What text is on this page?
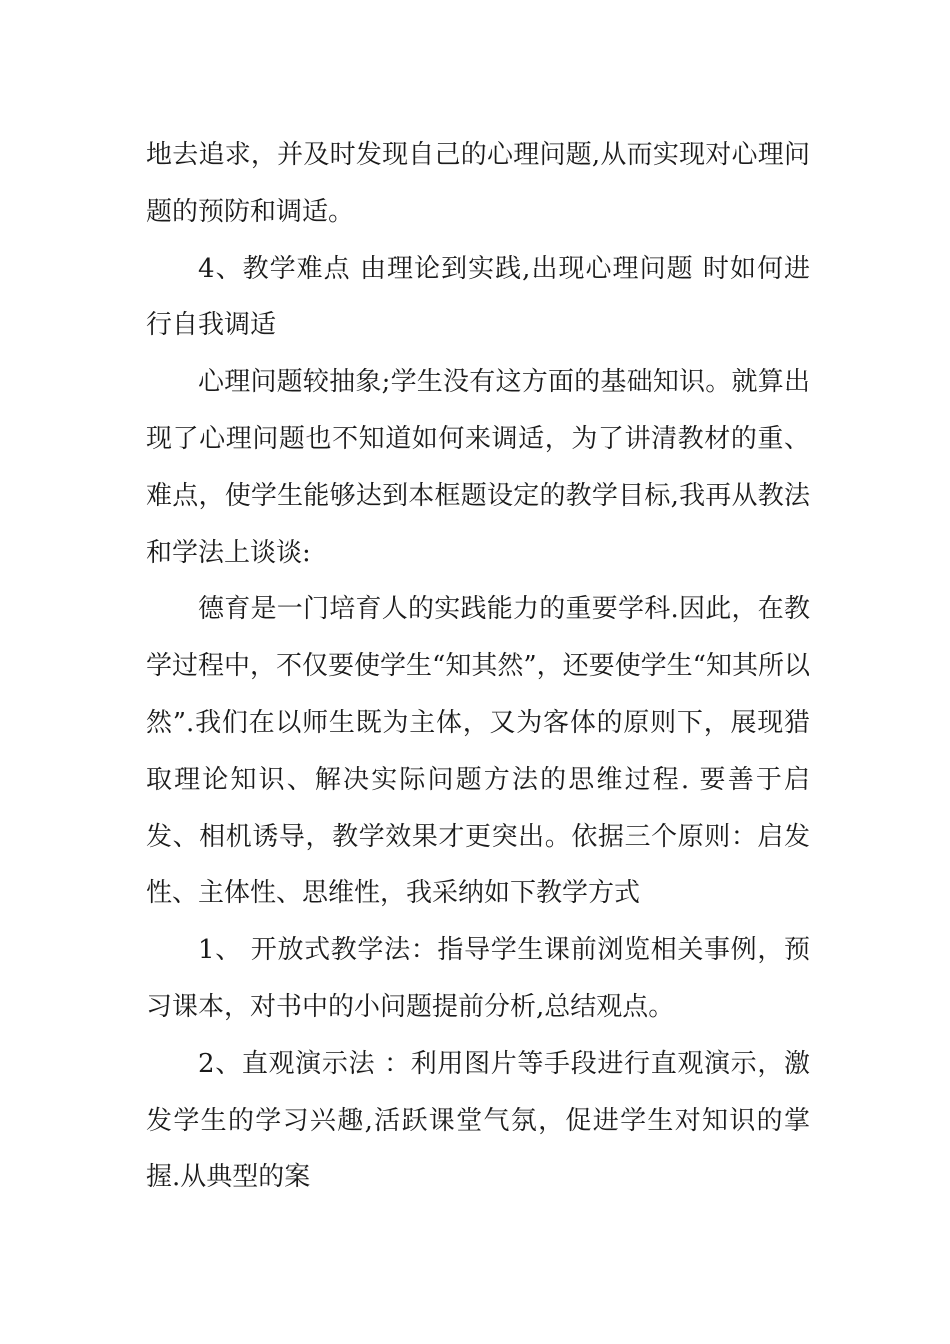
地去追求，并及时发现自己的心理问题,从而实现对心理问题的预防和调适。

4、教学难点 由理论到实践,出现心理问题 时如何进行自我调适

心理问题较抽象;学生没有这方面的基础知识。就算出现了心理问题也不知道如何来调适，为了讲清教材的重、难点，使学生能够达到本框题设定的教学目标,我再从教法和学法上谈谈:

德育是一门培育人的实践能力的重要学科.因此，在教学过程中，不仅要使学生“知其然”，还要使学生“知其所以然”.我们在以师生既为主体，又为客体的原则下，展现猎取理论知识、解决实际问题方法的思维过程. 要善于启发、相机诱导，教学效果才更突出。依据三个原则：启发性、主体性、思维性，我采纳如下教学方式

1、 开放式教学法：指导学生课前浏览相关事例，预习课本，对书中的小问题提前分析,总结观点。

2、直观演示法 ：利用图片等手段进行直观演示，激发学生的学习兴趣,活跃课堂气氛，促进学生对知识的掌握.从典型的案
